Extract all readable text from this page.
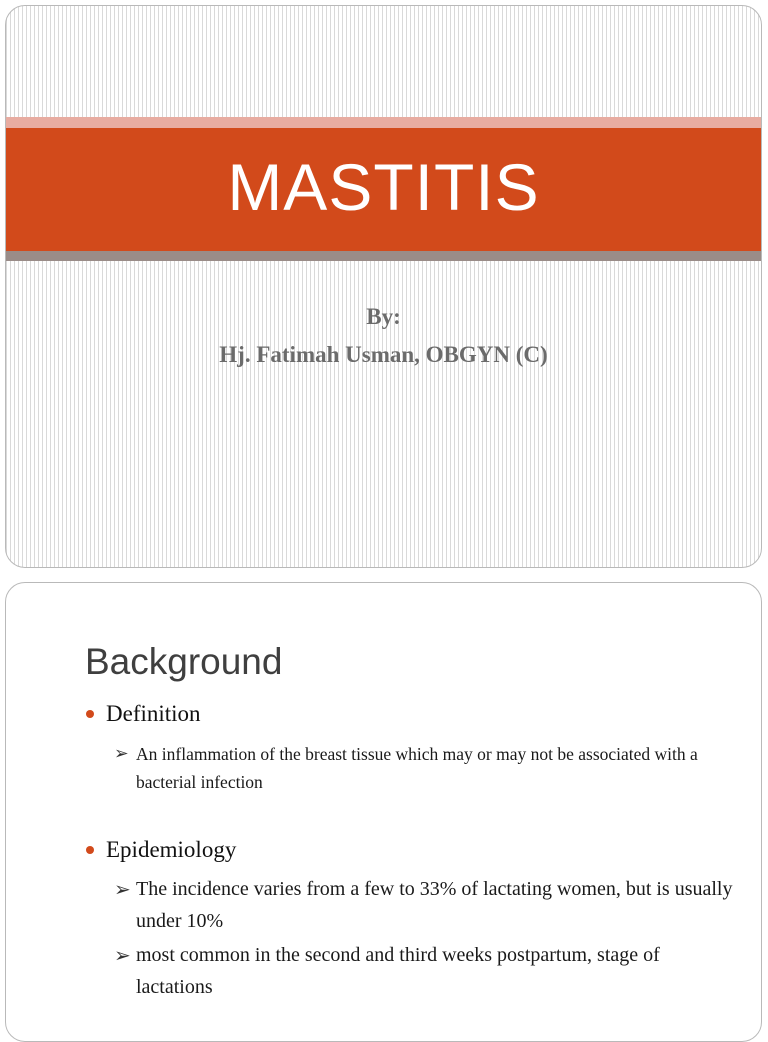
MASTITIS
By:
Hj. Fatimah Usman, OBGYN (C)
Background
Definition
➢ An inflammation of the breast tissue which may or may not be associated with a bacterial infection
Epidemiology
➢ The incidence varies from a few to 33% of lactating women, but is usually under 10%
➢ most common in the second and third weeks postpartum, stage of lactations
